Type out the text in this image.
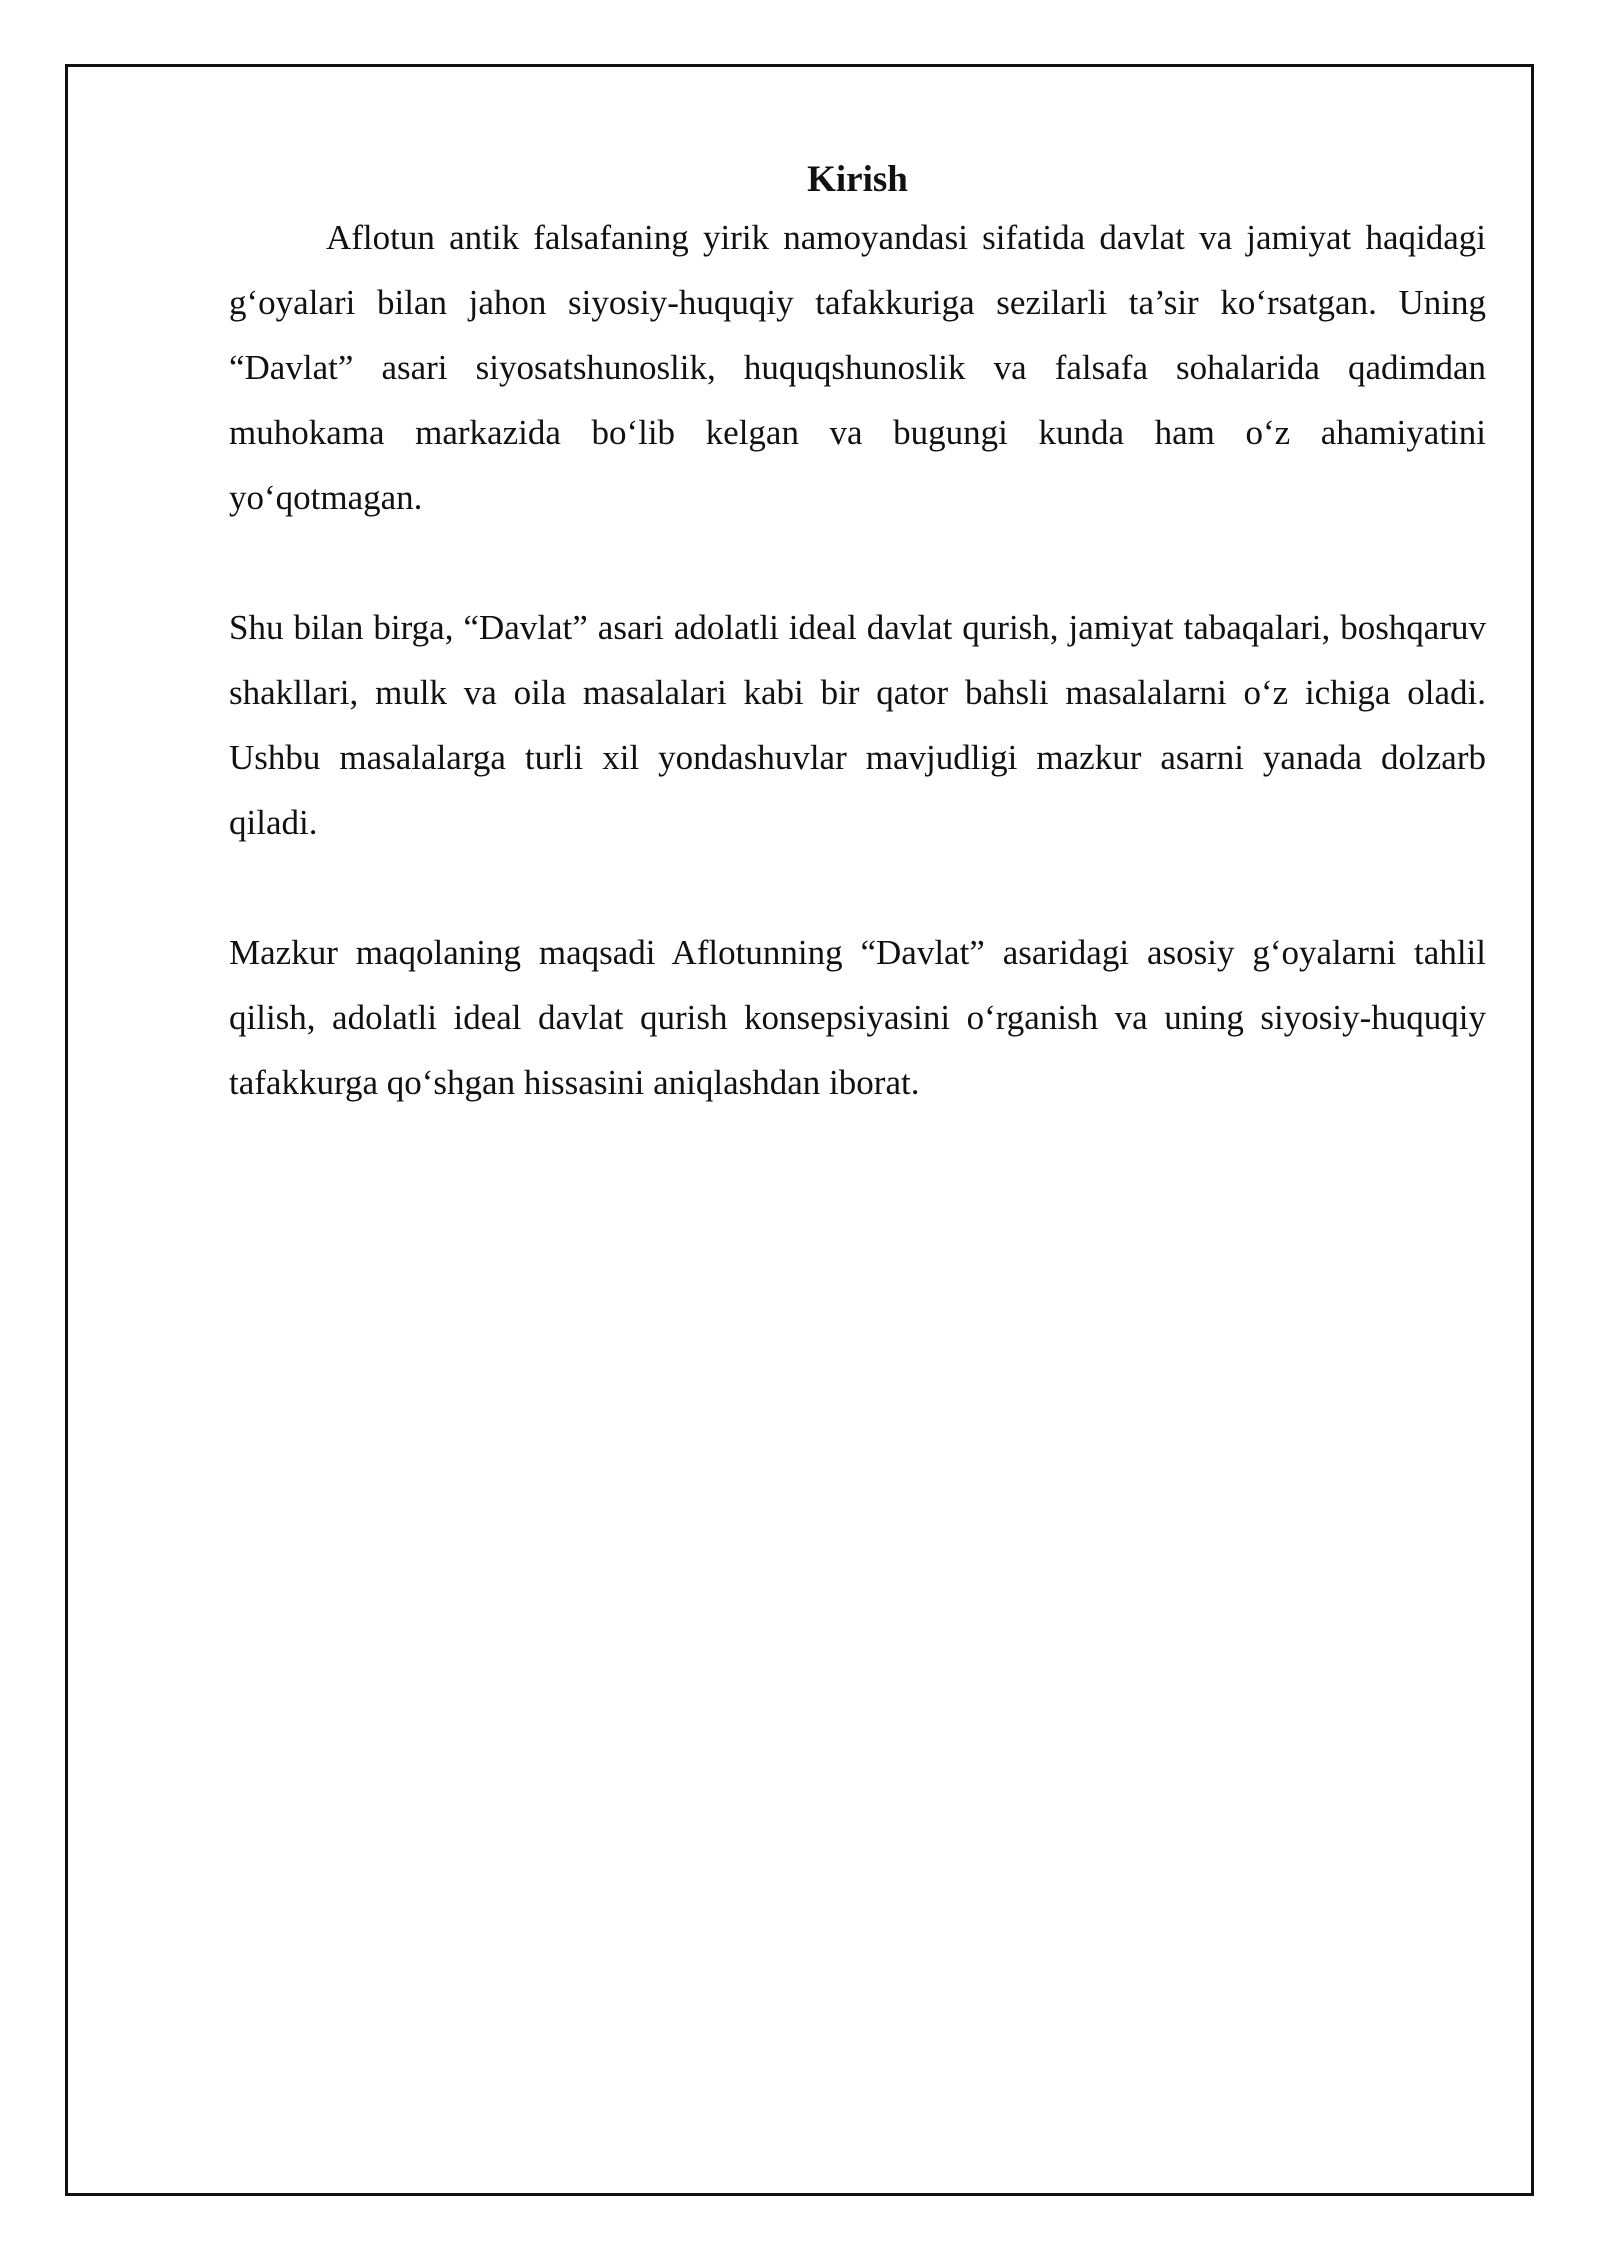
Kirish

Aflotun antik falsafaning yirik namoyandasi sifatida davlat va jamiyat haqidagi g‘oyalari bilan jahon siyosiy-huquqiy tafakkuriga sezilarli ta’sir ko‘rsatgan. Uning “Davlat” asari siyosatshunoslik, huquqshunoslik va falsafa sohalarida qadimdan muhokama markazida bo‘lib kelgan va bugungi kunda ham o‘z ahamiyatini yo‘qotmagan.

Shu bilan birga, “Davlat” asari adolatli ideal davlat qurish, jamiyat tabaqalari, boshqaruv shakllari, mulk va oila masalalari kabi bir qator bahsli masalalarni o‘z ichiga oladi. Ushbu masalalarga turli xil yondashuvlar mavjudligi mazkur asarni yanada dolzarb qiladi.

Mazkur maqolaning maqsadi Aflotunning “Davlat” asaridagi asosiy g‘oyalarni tahlil qilish, adolatli ideal davlat qurish konsepsiyasini o‘rganish va uning siyosiy-huquqiy tafakkurga qo‘shgan hissasini aniqlashdan iborat.
